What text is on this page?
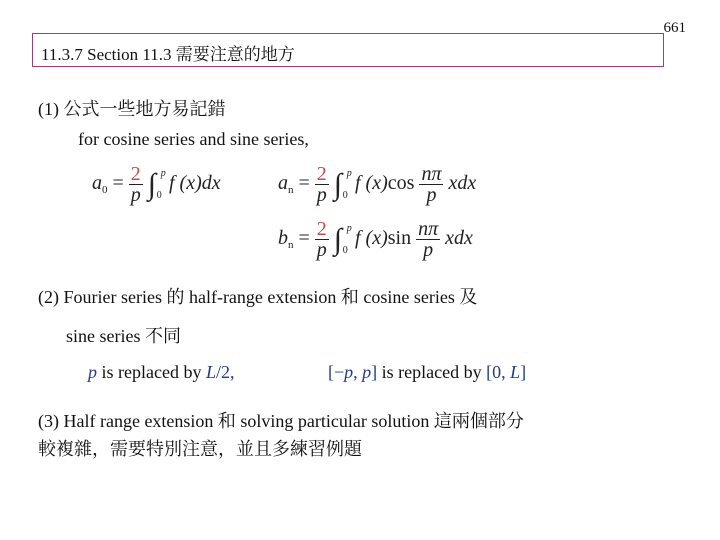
661
11.3.7 Section 11.3 需要注意的地方
(1) 公式一些地方易記錯
for cosine series and sine series,
$a_0 = \frac{2}{p}$ ∫ p
0
f (x)dx	$a_n = \frac{2}{p}$ ∫ p
0
f $(x)\cos \frac{n\pi}{p}$ xdx
$b_n = \frac{2}{p}$ ∫ p
0
f $(x)\sin \frac{n\pi}{p}$ xdx
(2) Fourier series 的 half-range extension 和 cosine series 及
sine series 不同
p is replaced by L/2,	[−p, p] is replaced by [0, L]
(3) Half range extension 和 solving particular solution 這兩個部分
較複雜，需要特別注意，並且多練習例題
